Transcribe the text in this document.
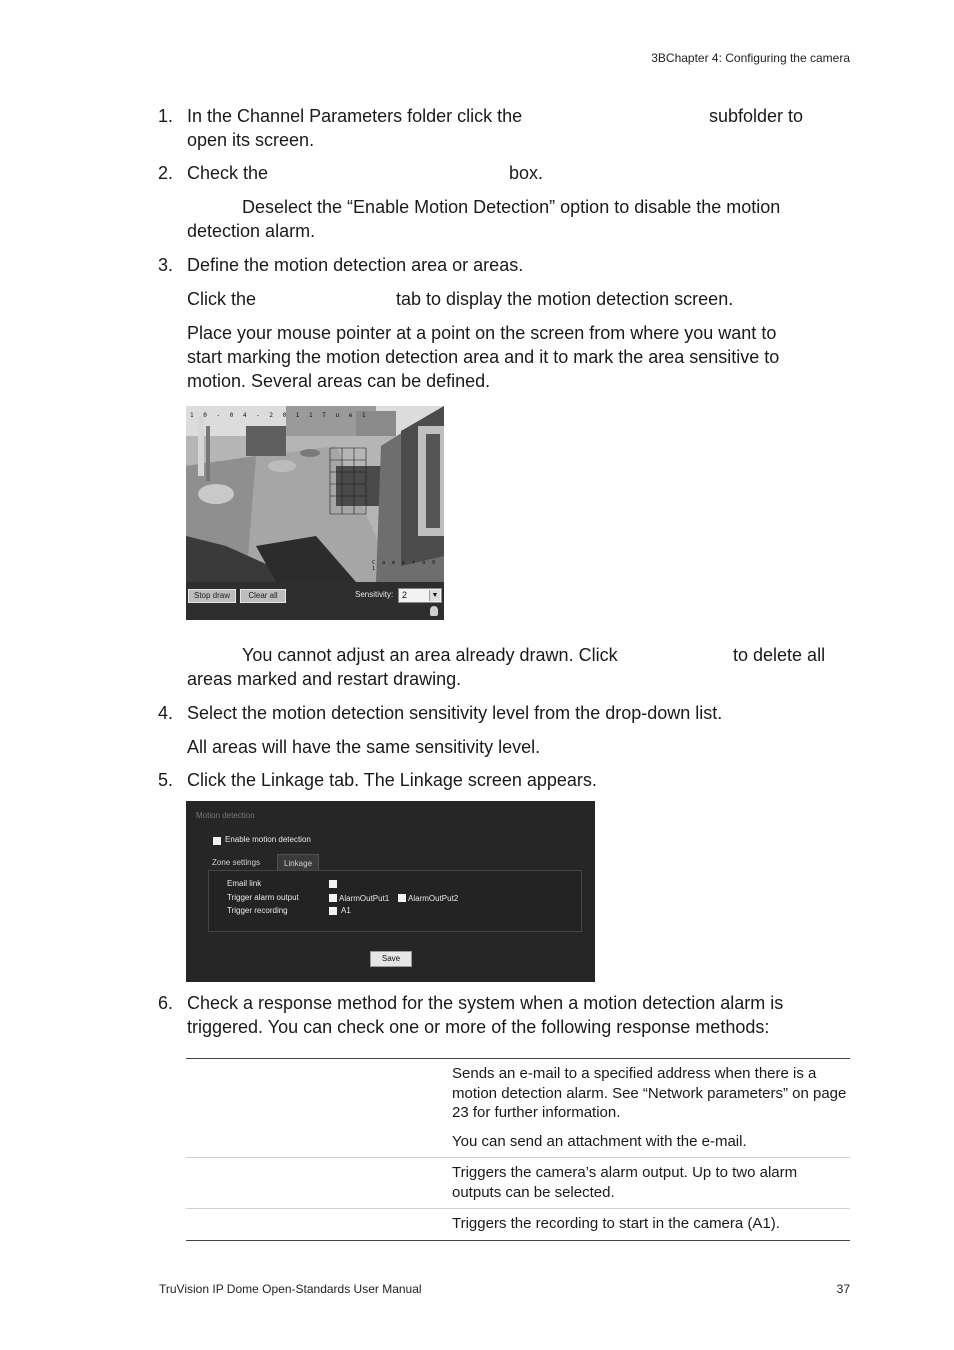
3BChapter 4: Configuring the camera
1. In the Channel Parameters folder click the	subfolder to
open its screen.
2. Check the	box.
Deselect the “Enable Motion Detection” option to disable the motion
detection alarm.
3. Define the motion detection area or areas.
Click the	tab to display the motion detection screen.
Place your mouse pointer at a point on the screen from where you want to
start marking the motion detection area and it to mark the area sensitive to
motion. Several areas can be defined.
1 0 - 0 4 - 2 0 1 1 T u e 1
C a m e r a 0 1
Stop draw	Clear all	Sensitivity: 2	▼
You cannot adjust an area already drawn. Click	to delete all
areas marked and restart drawing.
4. Select the motion detection sensitivity level from the drop-down list.
All areas will have the same sensitivity level.
5. Click the Linkage tab. The Linkage screen appears.
Motion detection
Enable motion detection
Zone settings	Linkage
Email link
Trigger alarm output	AlarmOutPut1 AlarmOutPut2
Trigger recording	A1
Save
6. Check a response method for the system when a motion detection alarm is
triggered. You can check one or more of the following response methods:

Sends an e-mail to a specified address when there is a motion detection alarm. See “Network parameters” on page 23 for further information.

You can send an attachment with the e-mail.

Triggers the camera’s alarm output. Up to two alarm outputs can be selected.

Triggers the recording to start in the camera (A1).

TruVision IP Dome Open-Standards User Manual	37
